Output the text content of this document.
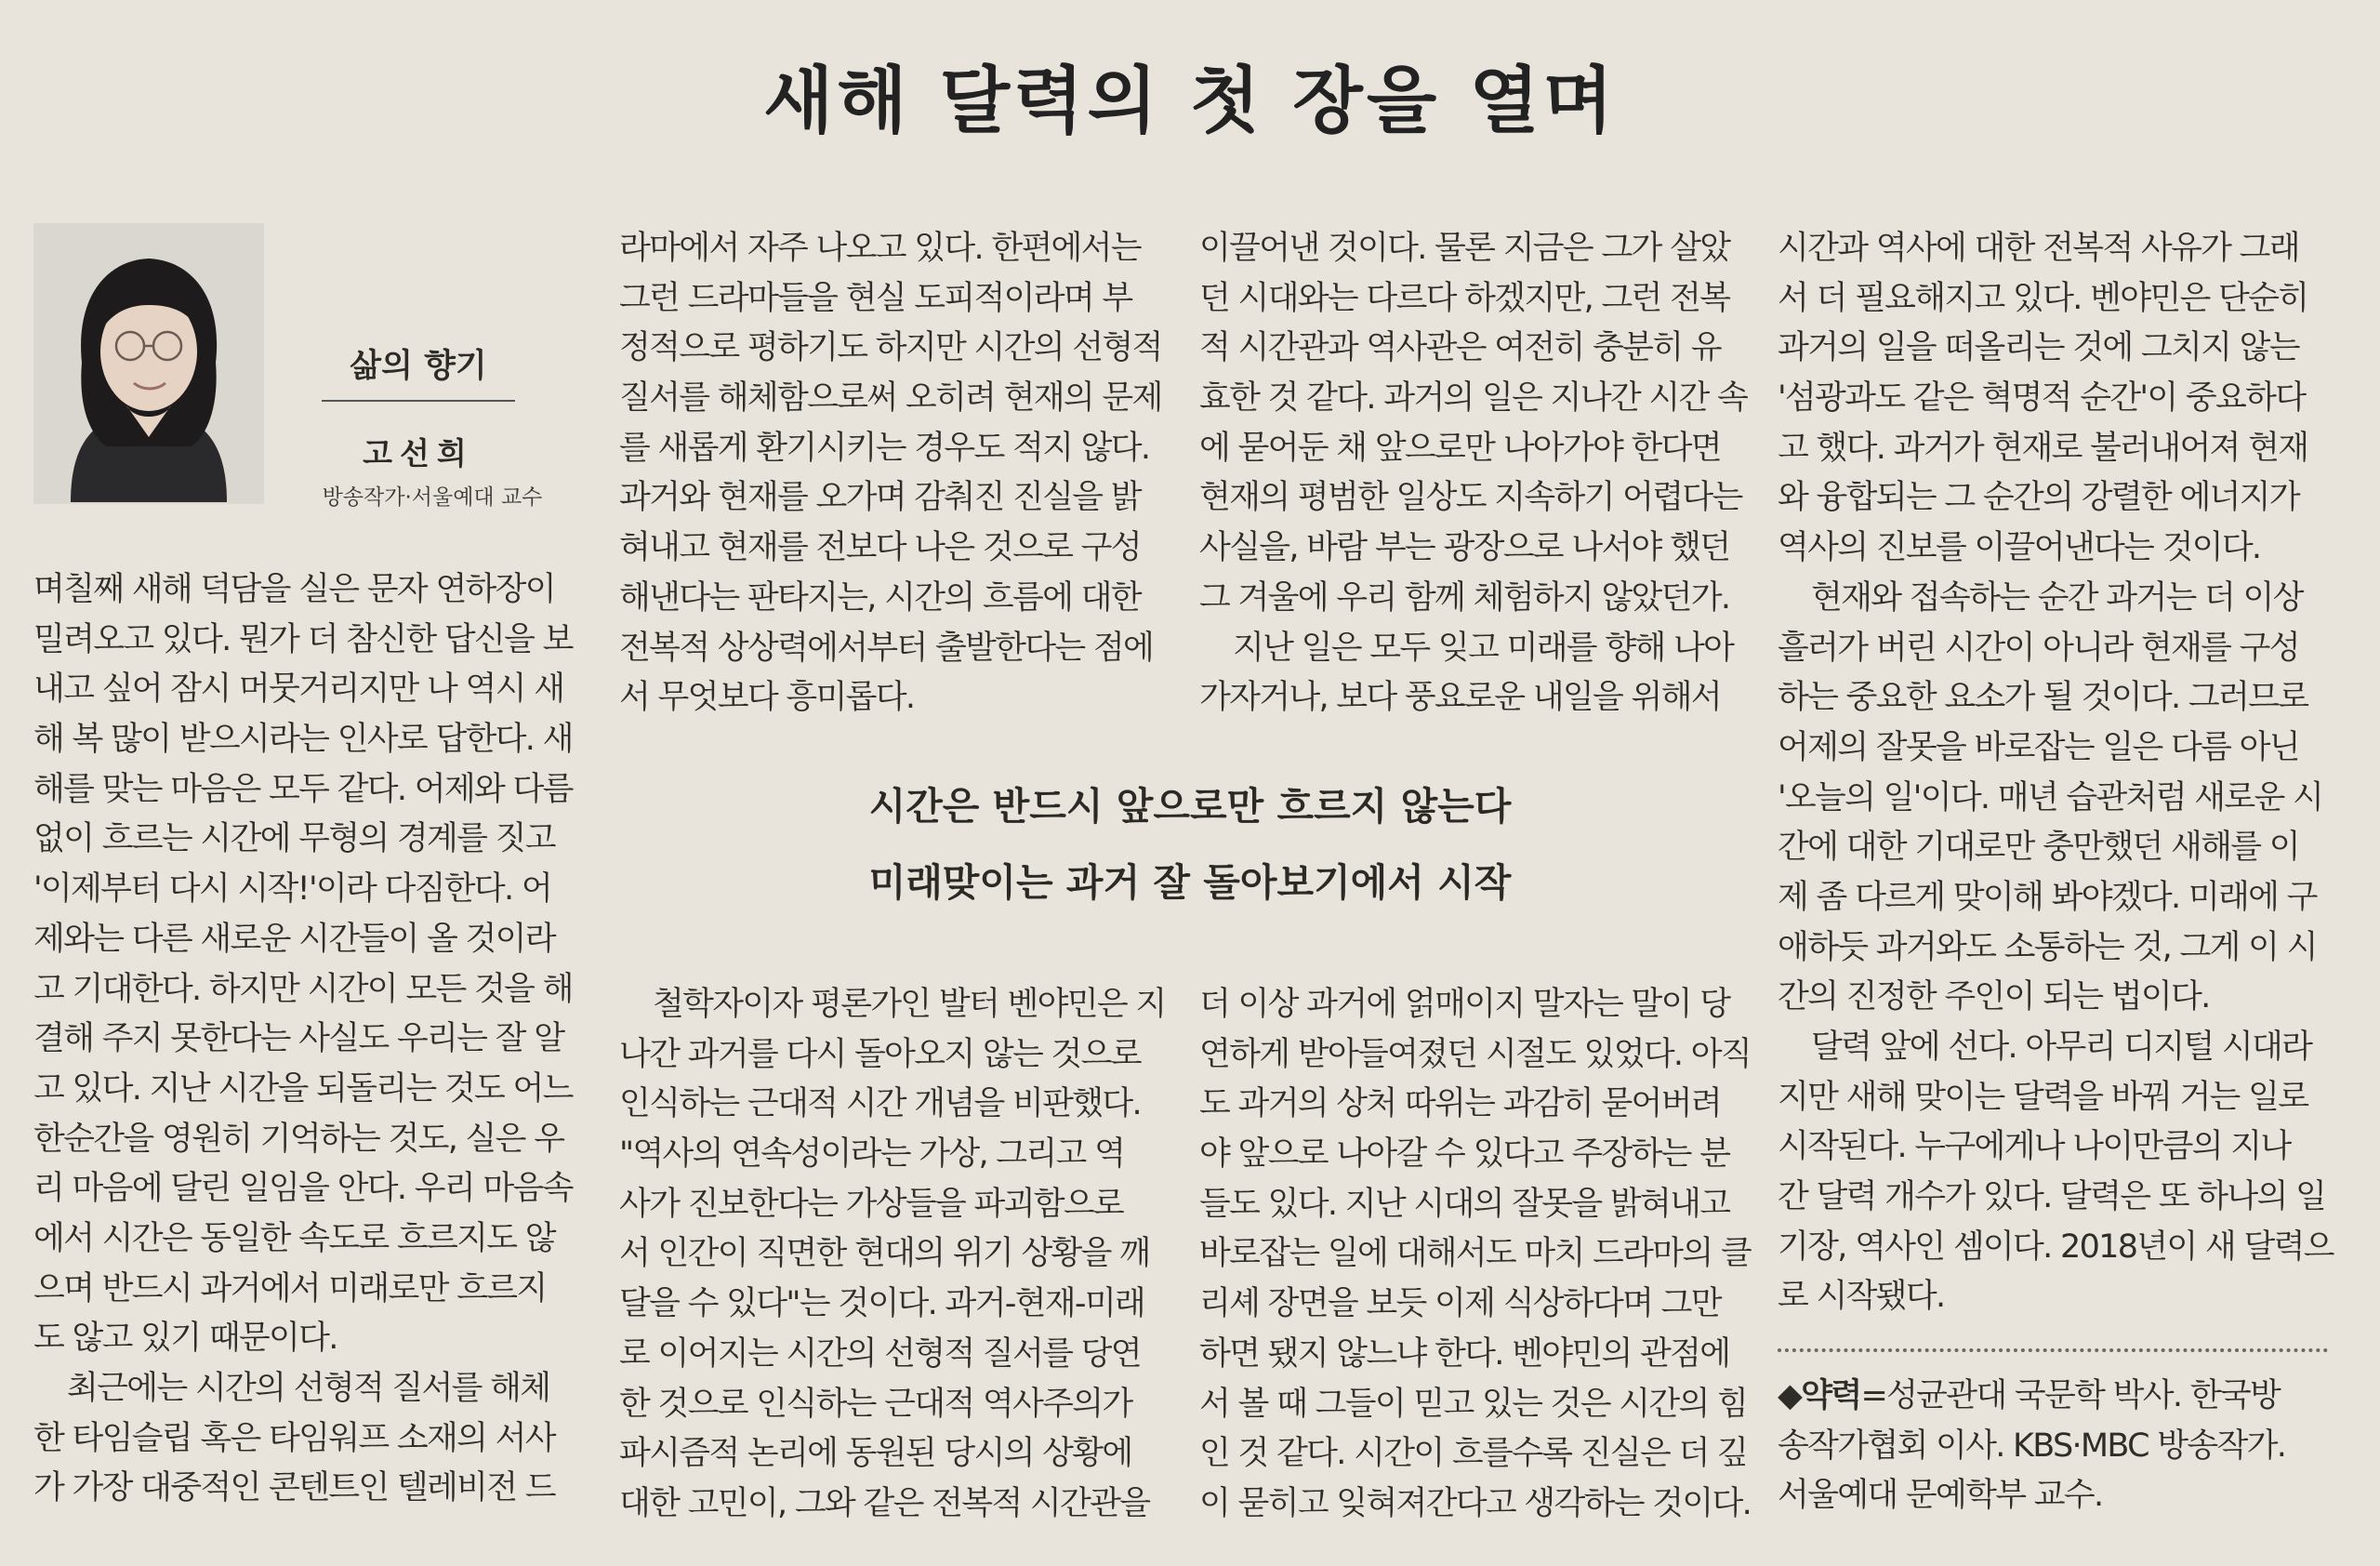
새해 달력의 첫 장을 열며
삶의 향기
고선희
방송작가·서울예대 교수
며칠째 새해 덕담을 실은 문자 연하장이
밀려오고 있다. 뭔가 더 참신한 답신을 보
내고 싶어 잠시 머뭇거리지만 나 역시 새
해 복 많이 받으시라는 인사로 답한다. 새
해를 맞는 마음은 모두 같다. 어제와 다름
없이 흐르는 시간에 무형의 경계를 짓고
'이제부터 다시 시작!'이라 다짐한다. 어
제와는 다른 새로운 시간들이 올 것이라
고 기대한다. 하지만 시간이 모든 것을 해
결해 주지 못한다는 사실도 우리는 잘 알
고 있다. 지난 시간을 되돌리는 것도 어느
한순간을 영원히 기억하는 것도, 실은 우
리 마음에 달린 일임을 안다. 우리 마음속
에서 시간은 동일한 속도로 흐르지도 않
으며 반드시 과거에서 미래로만 흐르지
도 않고 있기 때문이다.
최근에는 시간의 선형적 질서를 해체
한 타임슬립 혹은 타임워프 소재의 서사
가 가장 대중적인 콘텐트인 텔레비전 드
라마에서 자주 나오고 있다. 한편에서는
그런 드라마들을 현실 도피적이라며 부
정적으로 평하기도 하지만 시간의 선형적
질서를 해체함으로써 오히려 현재의 문제
를 새롭게 환기시키는 경우도 적지 않다.
과거와 현재를 오가며 감춰진 진실을 밝
혀내고 현재를 전보다 나은 것으로 구성
해낸다는 판타지는, 시간의 흐름에 대한
전복적 상상력에서부터 출발한다는 점에
서 무엇보다 흥미롭다.
이끌어낸 것이다. 물론 지금은 그가 살았
던 시대와는 다르다 하겠지만, 그런 전복
적 시간관과 역사관은 여전히 충분히 유
효한 것 같다. 과거의 일은 지나간 시간 속
에 묻어둔 채 앞으로만 나아가야 한다면
현재의 평범한 일상도 지속하기 어렵다는
사실을, 바람 부는 광장으로 나서야 했던
그 겨울에 우리 함께 체험하지 않았던가.
지난 일은 모두 잊고 미래를 향해 나아
가자거나, 보다 풍요로운 내일을 위해서
시간은 반드시 앞으로만 흐르지 않는다
미래맞이는 과거 잘 돌아보기에서 시작
철학자이자 평론가인 발터 벤야민은 지
나간 과거를 다시 돌아오지 않는 것으로
인식하는 근대적 시간 개념을 비판했다.
"역사의 연속성이라는 가상, 그리고 역
사가 진보한다는 가상들을 파괴함으로
서 인간이 직면한 현대의 위기 상황을 깨
달을 수 있다"는 것이다. 과거-현재-미래
로 이어지는 시간의 선형적 질서를 당연
한 것으로 인식하는 근대적 역사주의가
파시즘적 논리에 동원된 당시의 상황에
대한 고민이, 그와 같은 전복적 시간관을
더 이상 과거에 얽매이지 말자는 말이 당
연하게 받아들여졌던 시절도 있었다. 아직
도 과거의 상처 따위는 과감히 묻어버려
야 앞으로 나아갈 수 있다고 주장하는 분
들도 있다. 지난 시대의 잘못을 밝혀내고
바로잡는 일에 대해서도 마치 드라마의 클
리셰 장면을 보듯 이제 식상하다며 그만
하면 됐지 않느냐 한다. 벤야민의 관점에
서 볼 때 그들이 믿고 있는 것은 시간의 힘
인 것 같다. 시간이 흐를수록 진실은 더 깊
이 묻히고 잊혀져간다고 생각하는 것이다.
시간과 역사에 대한 전복적 사유가 그래
서 더 필요해지고 있다. 벤야민은 단순히
과거의 일을 떠올리는 것에 그치지 않는
'섬광과도 같은 혁명적 순간'이 중요하다
고 했다. 과거가 현재로 불러내어져 현재
와 융합되는 그 순간의 강렬한 에너지가
역사의 진보를 이끌어낸다는 것이다.
현재와 접속하는 순간 과거는 더 이상
흘러가 버린 시간이 아니라 현재를 구성
하는 중요한 요소가 될 것이다. 그러므로
어제의 잘못을 바로잡는 일은 다름 아닌
'오늘의 일'이다. 매년 습관처럼 새로운 시
간에 대한 기대로만 충만했던 새해를 이
제 좀 다르게 맞이해 봐야겠다. 미래에 구
애하듯 과거와도 소통하는 것, 그게 이 시
간의 진정한 주인이 되는 법이다.
달력 앞에 선다. 아무리 디지털 시대라
지만 새해 맞이는 달력을 바꿔 거는 일로
시작된다. 누구에게나 나이만큼의 지나
간 달력 개수가 있다. 달력은 또 하나의 일
기장, 역사인 셈이다. 2018년이 새 달력으
로 시작됐다.
◆약력=성균관대 국문학 박사. 한국방
송작가협회 이사. KBS·MBC 방송작가.
서울예대 문예학부 교수.
